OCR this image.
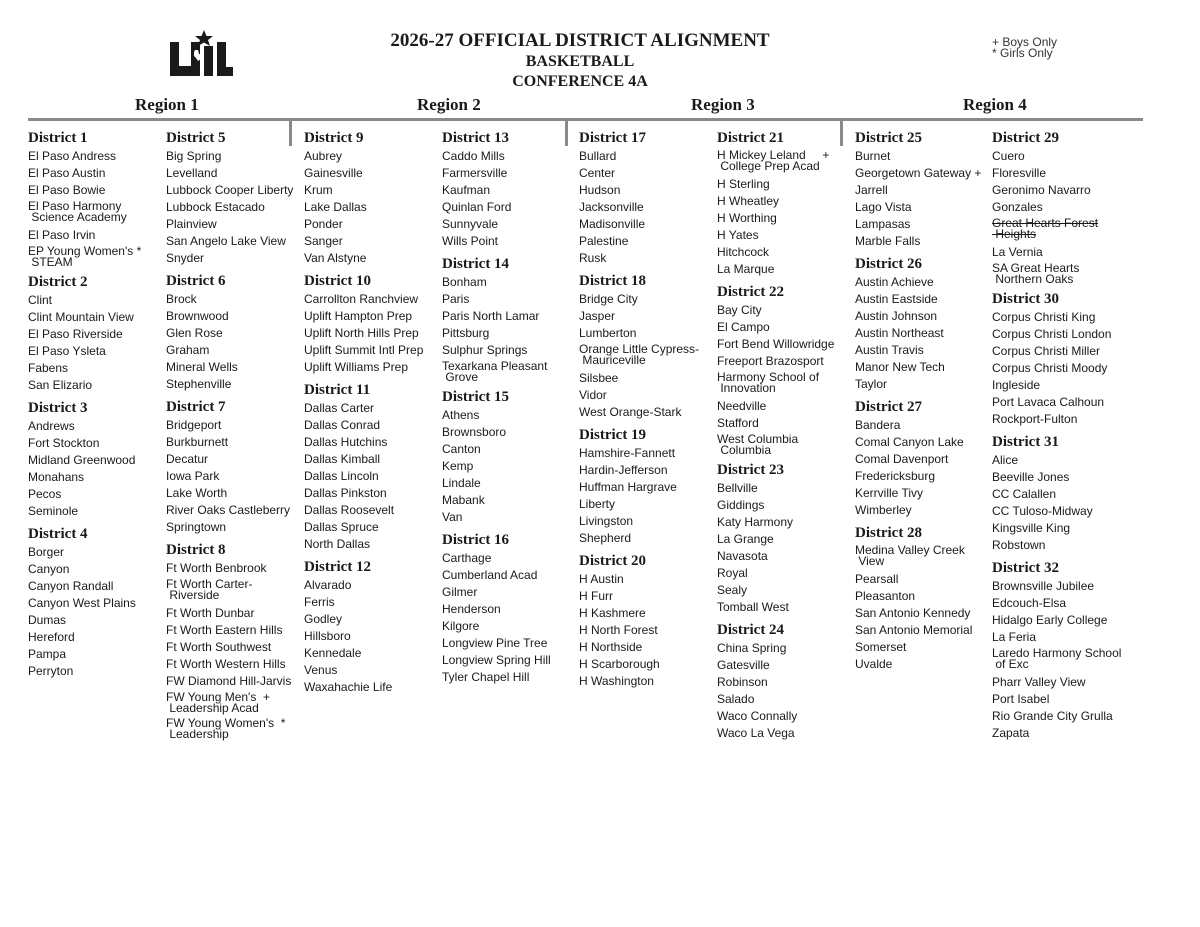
2026-27 OFFICIAL DISTRICT ALIGNMENT
BASKETBALL
CONFERENCE 4A
+ Boys Only
* Girls Only
Region 1	Region 2	Region 3	Region 4
District 1
El Paso Andress
El Paso Austin
El Paso Bowie
El Paso Harmony
Science Academy
El Paso Irvin
EP Young Women's *
STEAM
District 2
Clint
Clint Mountain View
El Paso Riverside
El Paso Ysleta
Fabens
San Elizario
District 3
Andrews
Fort Stockton
Midland Greenwood
Monahans
Pecos
Seminole
District 4
Borger
Canyon
Canyon Randall
Canyon West Plains
Dumas
Hereford
Pampa
Perryton
District 5
Big Spring
Levelland
Lubbock Cooper Liberty
Lubbock Estacado
Plainview
San Angelo Lake View
Snyder
District 6
Brock
Brownwood
Glen Rose
Graham
Mineral Wells
Stephenville
District 7
Bridgeport
Burkburnett
Decatur
Iowa Park
Lake Worth
River Oaks Castleberry
Springtown
District 8
Ft Worth Benbrook
Ft Worth Carter-
Riverside
Ft Worth Dunbar
Ft Worth Eastern Hills
Ft Worth Southwest
Ft Worth Western Hills
FW Diamond Hill-Jarvis
FW Young Men's  +
Leadership Acad
FW Young Women's  *
Leadership
District 9
Aubrey
Gainesville
Krum
Lake Dallas
Ponder
Sanger
Van Alstyne
District 10
Carrollton Ranchview
Uplift Hampton Prep
Uplift North Hills Prep
Uplift Summit Intl Prep
Uplift Williams Prep
District 11
Dallas Carter
Dallas Conrad
Dallas Hutchins
Dallas Kimball
Dallas Lincoln
Dallas Pinkston
Dallas Roosevelt
Dallas Spruce
North Dallas
District 12
Alvarado
Ferris
Godley
Hillsboro
Kennedale
Venus
Waxahachie Life
District 13
Caddo Mills
Farmersville
Kaufman
Quinlan Ford
Sunnyvale
Wills Point
District 14
Bonham
Paris
Paris North Lamar
Pittsburg
Sulphur Springs
Texarkana Pleasant
Grove
District 15
Athens
Brownsboro
Canton
Kemp
Lindale
Mabank
Van
District 16
Carthage
Cumberland Acad
Gilmer
Henderson
Kilgore
Longview Pine Tree
Longview Spring Hill
Tyler Chapel Hill
District 17
Bullard
Center
Hudson
Jacksonville
Madisonville
Palestine
Rusk
District 18
Bridge City
Jasper
Lumberton
Orange Little Cypress-
Mauriceville
Silsbee
Vidor
West Orange-Stark
District 19
Hamshire-Fannett
Hardin-Jefferson
Huffman Hargrave
Liberty
Livingston
Shepherd
District 20
H Austin
H Furr
H Kashmere
H North Forest
H Northside
H Scarborough
H Washington
District 21
H Mickey Leland     +
College Prep Acad
H Sterling
H Wheatley
H Worthing
H Yates
Hitchcock
La Marque
District 22
Bay City
El Campo
Fort Bend Willowridge
Freeport Brazosport
Harmony School of
Innovation
Needville
Stafford
West Columbia
Columbia
District 23
Bellville
Giddings
Katy Harmony
La Grange
Navasota
Royal
Sealy
Tomball West
District 24
China Spring
Gatesville
Robinson
Salado
Waco Connally
Waco La Vega
District 25
Burnet
Georgetown Gateway +
Jarrell
Lago Vista
Lampasas
Marble Falls
District 26
Austin Achieve
Austin Eastside
Austin Johnson
Austin Northeast
Austin Travis
Manor New Tech
Taylor
District 27
Bandera
Comal Canyon Lake
Comal Davenport
Fredericksburg
Kerrville Tivy
Wimberley
District 28
Medina Valley Creek
View
Pearsall
Pleasanton
San Antonio Kennedy
San Antonio Memorial
Somerset
Uvalde
District 29
Cuero
Floresville
Geronimo Navarro
Gonzales
Great Hearts Forest
Heights
La Vernia
SA Great Hearts
Northern Oaks
District 30
Corpus Christi King
Corpus Christi London
Corpus Christi Miller
Corpus Christi Moody
Ingleside
Port Lavaca Calhoun
Rockport-Fulton
District 31
Alice
Beeville Jones
CC Calallen
CC Tuloso-Midway
Kingsville King
Robstown
District 32
Brownsville Jubilee
Edcouch-Elsa
Hidalgo Early College
La Feria
Laredo Harmony School
of Exc
Pharr Valley View
Port Isabel
Rio Grande City Grulla
Zapata
